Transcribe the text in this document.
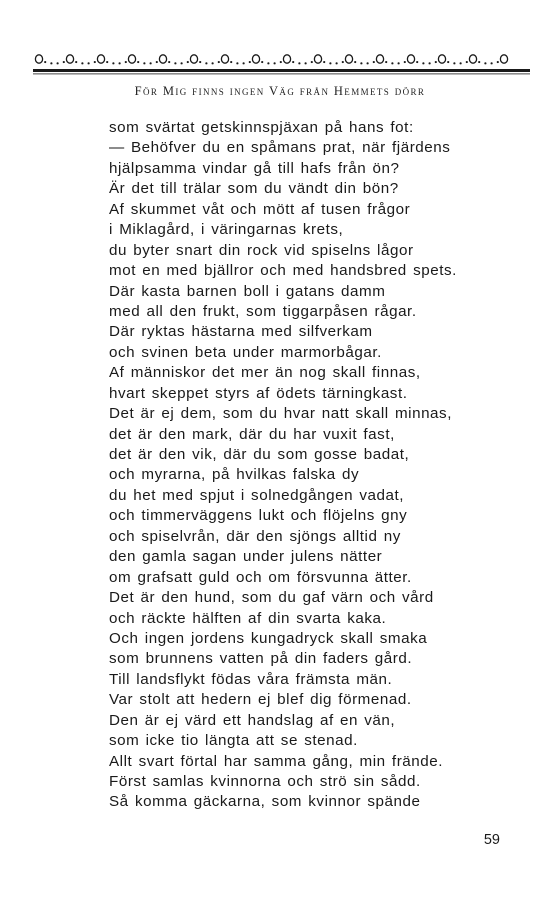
För Mig finns ingen Väg från Hemmets dörr
som svärtat getskinnspjäxan på hans fot:
— Behöfver du en spåmans prat, när fjärdens
hjälpsamma vindar gå till hafs från ön?
Är det till trälar som du vändt din bön?
Af skummet våt och mött af tusen frågor
i Miklagård, i väringarnas krets,
du byter snart din rock vid spiselns lågor
mot en med bjällror och med handsbred spets.
Där kasta barnen boll i gatans damm
med all den frukt, som tiggarpåsen rågar.
Där ryktas hästarna med silfverkam
och svinen beta under marmorbågar.
Af människor det mer än nog skall finnas,
hvart skeppet styrs af ödets tärningkast.
Det är ej dem, som du hvar natt skall minnas,
det är den mark, där du har vuxit fast,
det är den vik, där du som gosse badat,
och myrarna, på hvilkas falska dy
du het med spjut i solnedgången vadat,
och timmerväggens lukt och flöjelns gny
och spiselvrån, där den sjöngs alltid ny
den gamla sagan under julens nätter
om grafsatt guld och om försvunna ätter.
Det är den hund, som du gaf värn och vård
och räckte hälften af din svarta kaka.
Och ingen jordens kungadryck skall smaka
som brunnens vatten på din faders gård.
Till landsflykt födas våra främsta män.
Var stolt att hedern ej blef dig förmenad.
Den är ej värd ett handslag af en vän,
som icke tio längta att se stenad.
Allt svart förtal har samma gång, min frände.
Först samlas kvinnorna och strö sin sådd.
Så komma gäckarna, som kvinnor spände
59
